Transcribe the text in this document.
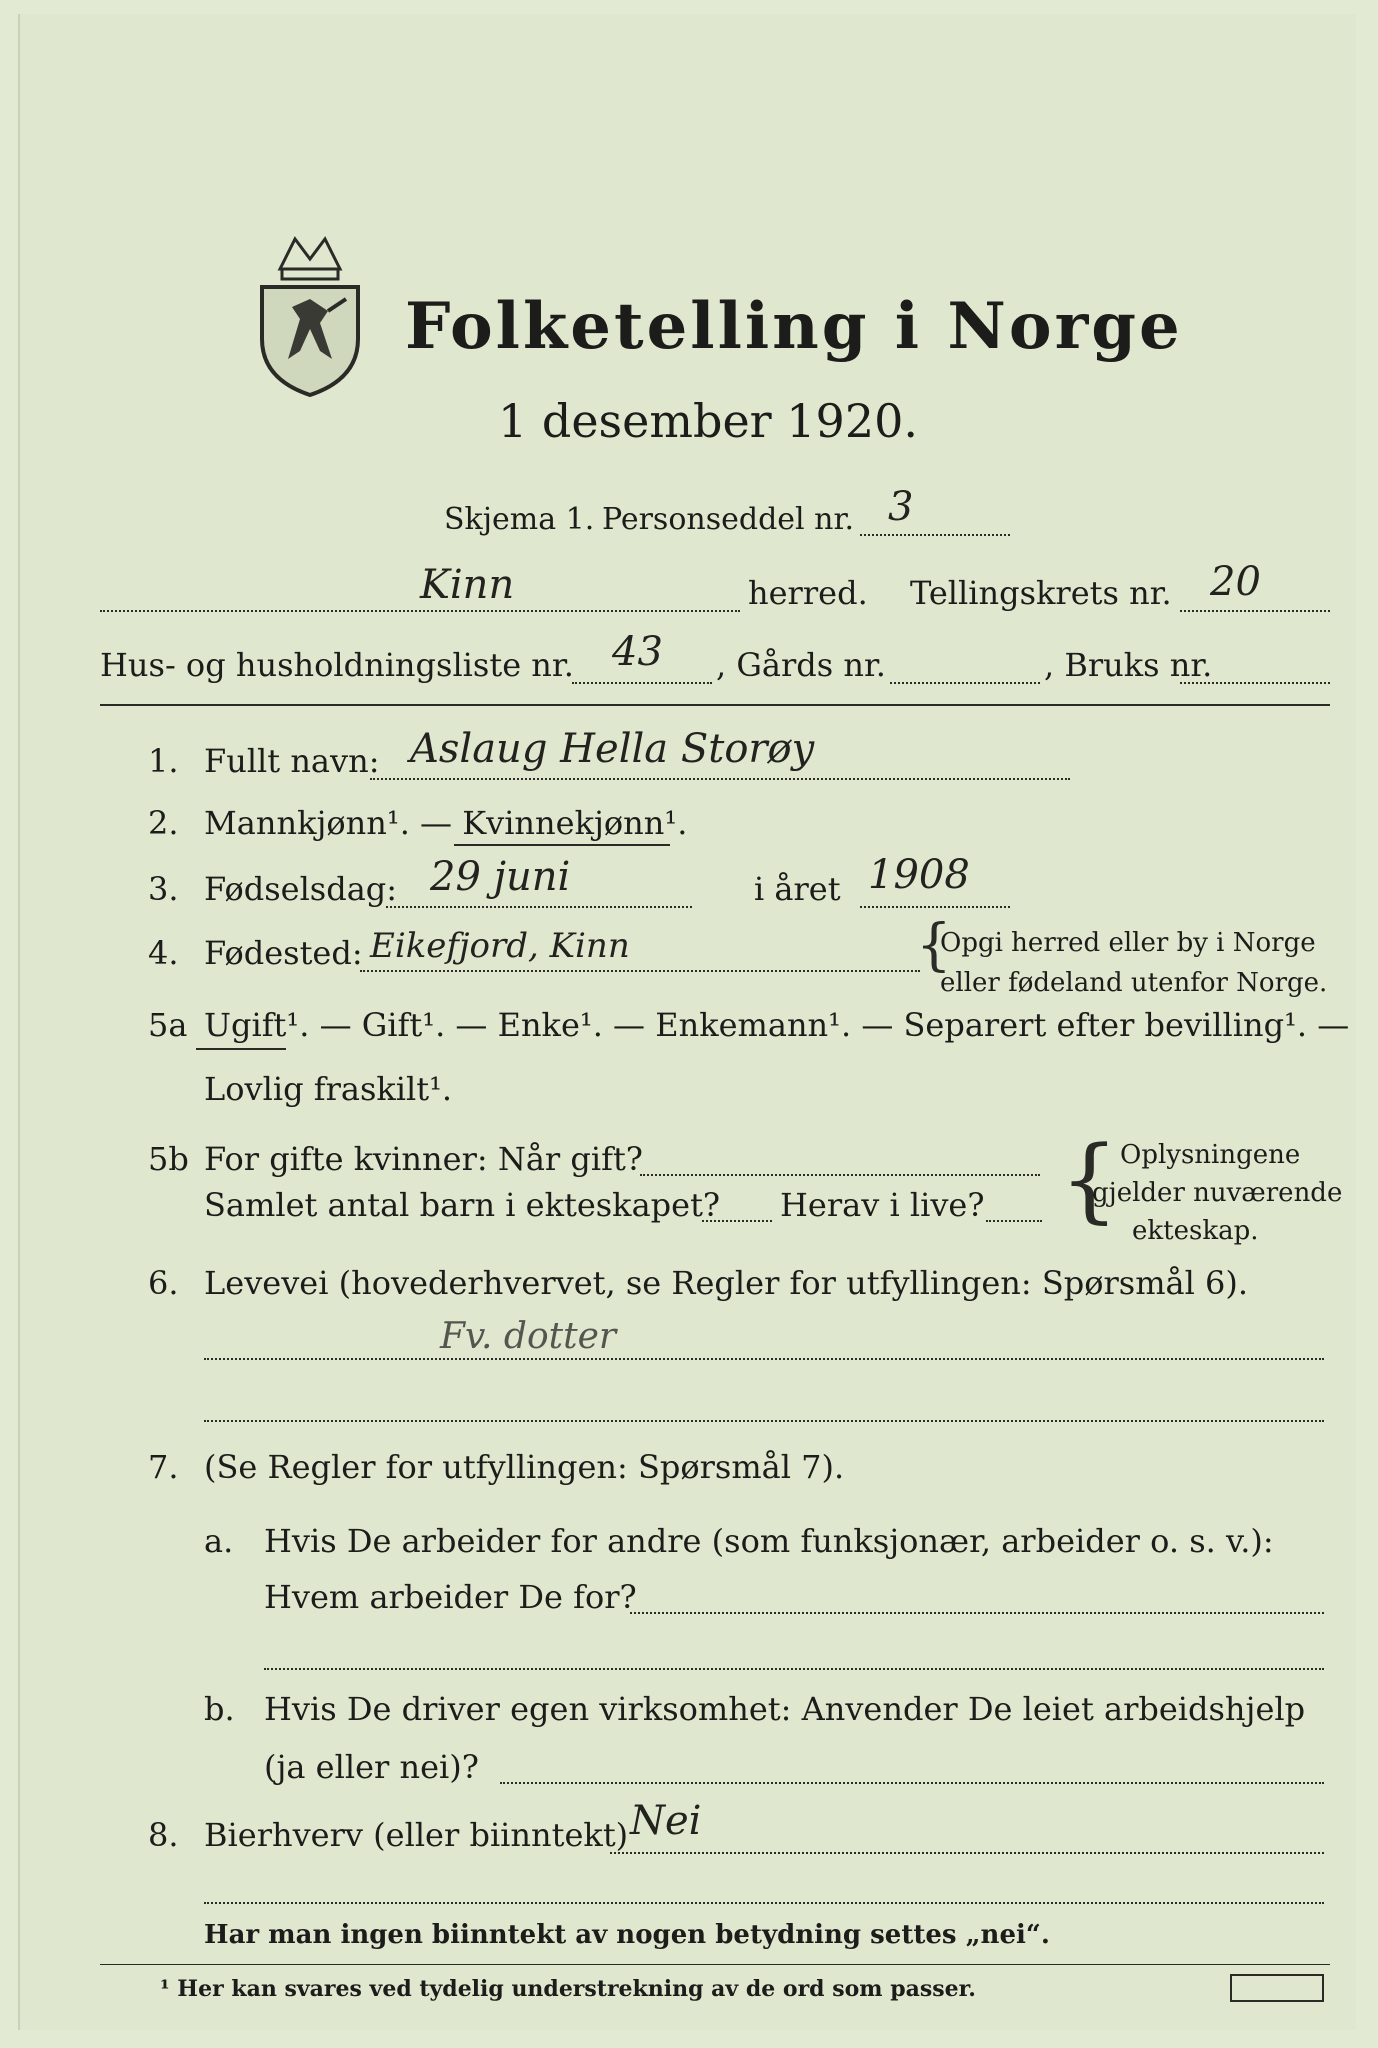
Folketelling i Norge
1 desember 1920.
Skjema 1. Personseddel nr. 3
Kinn	herred. Tellingskrets nr. 20
Hus- og husholdningsliste nr. 43 , Gårds nr.	, Bruks nr.
1. Fullt navn: Aslaug Hella Storøy
2. Mannkjønn¹. — Kvinnekjønn¹.
3. Fødselsdag: 29 juni	i året 1908
4. Fødested: Eikefjord, Kinn	{
Opgi herred eller by i Norge
eller fødeland utenfor Norge.
5a Ugift¹. — Gift¹. — Enke¹. — Enkemann¹. — Separert efter bevilling¹. —
Lovlig fraskilt¹.
5b For gifte kvinner: Når gift?
Samlet antal barn i ekteskapet? Herav i live? { Oplysningene
gjelder nuværende
ekteskap.
6. Levevei (hovederhvervet, se Regler for utfyllingen: Spørsmål 6).
Fv. dotter
7. (Se Regler for utfyllingen: Spørsmål 7).
a. Hvis De arbeider for andre (som funksjonær, arbeider o. s. v.):
Hvem arbeider De for?
b. Hvis De driver egen virksomhet: Anvender De leiet arbeidshjelp
(ja eller nei)?
8. Bierhverv (eller biinntekt) Nei
Har man ingen biinntekt av nogen betydning settes „nei“.
¹ Her kan svares ved tydelig understrekning av de ord som passer.
